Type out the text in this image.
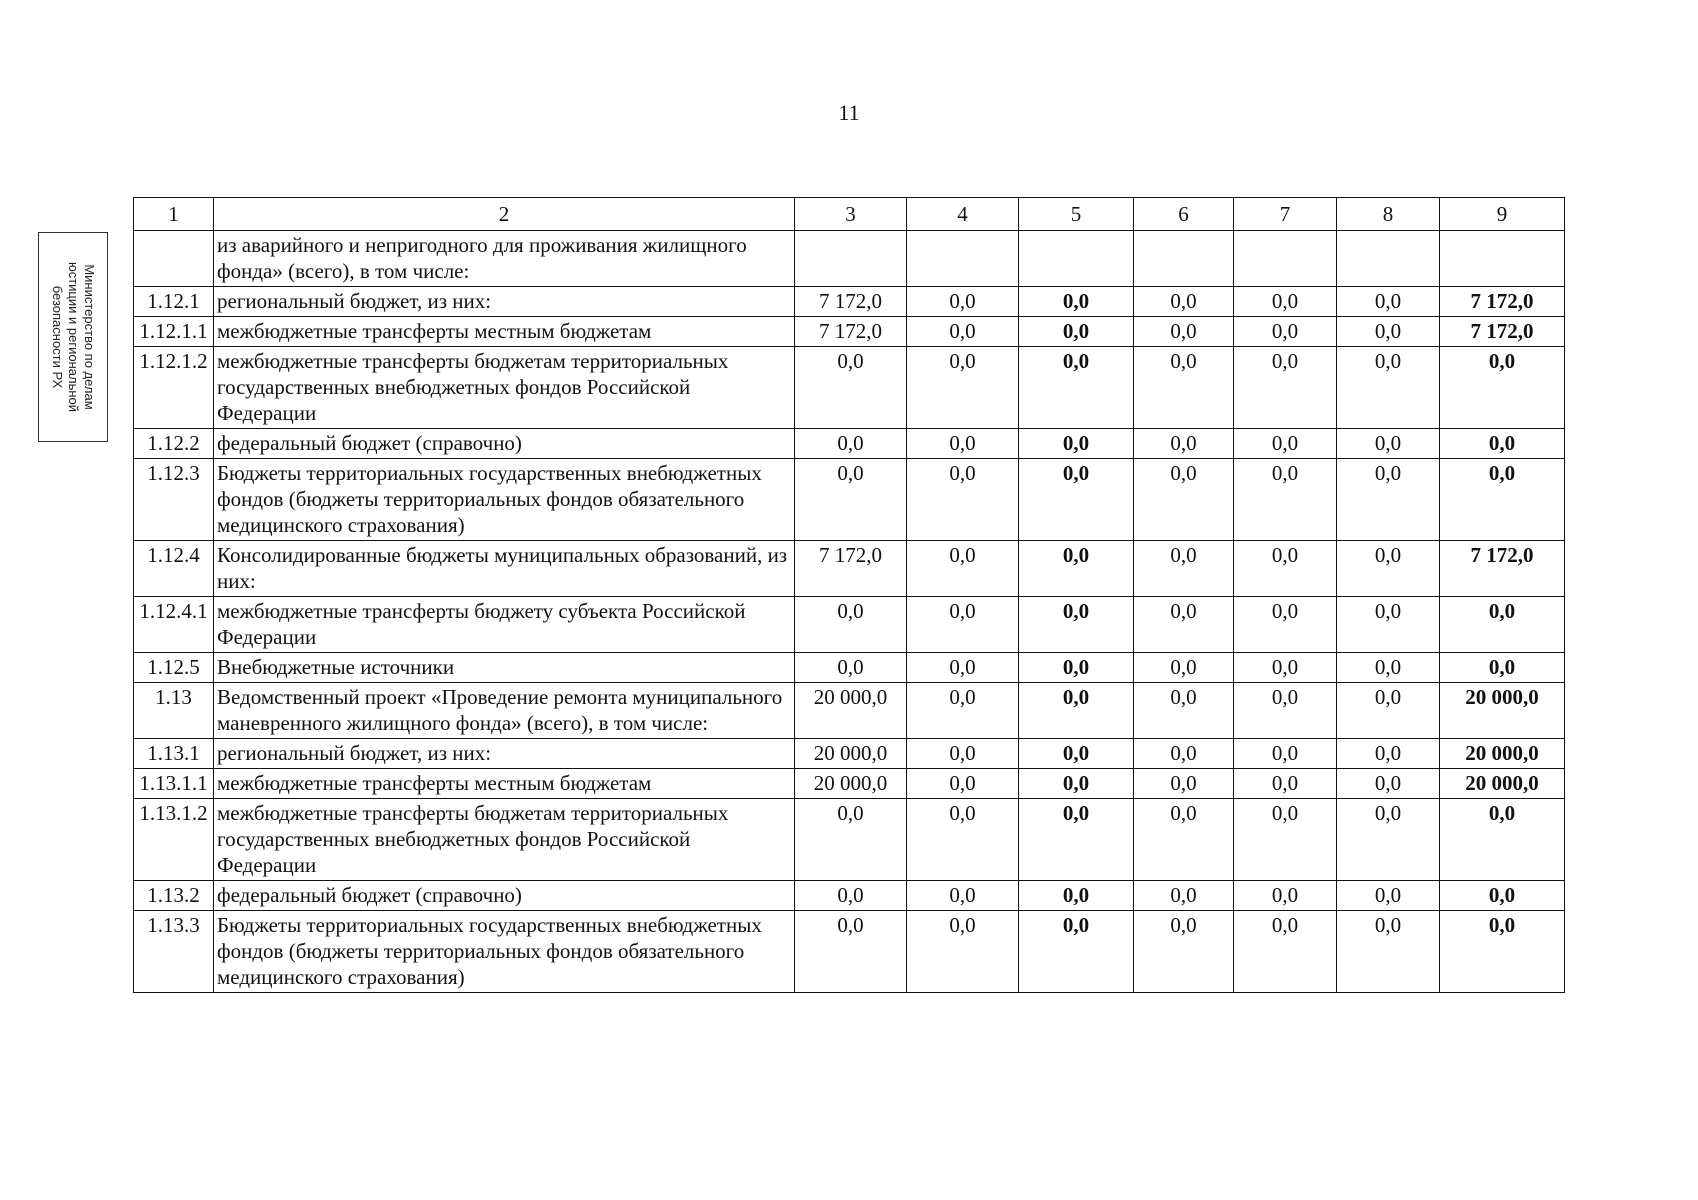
11
Министерство по делам
юстиции и региональной
безопасности РХ
1	2	3	4	5	6	7	8	9
	из аварийного и непригодного для проживания жилищного фонда» (всего), в том числе:							
1.12.1	региональный бюджет, из них:	7 172,0	0,0	0,0	0,0	0,0	0,0	7 172,0
1.12.1.1	межбюджетные трансферты местным бюджетам	7 172,0	0,0	0,0	0,0	0,0	0,0	7 172,0
1.12.1.2	межбюджетные трансферты бюджетам территориальных государственных внебюджетных фондов Российской Федерации	0,0	0,0	0,0	0,0	0,0	0,0	0,0
1.12.2	федеральный бюджет (справочно)	0,0	0,0	0,0	0,0	0,0	0,0	0,0
1.12.3	Бюджеты территориальных государственных внебюджетных фондов (бюджеты территориальных фондов обязательного медицинского страхования)	0,0	0,0	0,0	0,0	0,0	0,0	0,0
1.12.4	Консолидированные бюджеты муниципальных образований, из них:	7 172,0	0,0	0,0	0,0	0,0	0,0	7 172,0
1.12.4.1	межбюджетные трансферты бюджету субъекта Российской Федерации	0,0	0,0	0,0	0,0	0,0	0,0	0,0
1.12.5	Внебюджетные источники	0,0	0,0	0,0	0,0	0,0	0,0	0,0
1.13	Ведомственный проект «Проведение ремонта муниципального маневренного жилищного фонда» (всего), в том числе:	20 000,0	0,0	0,0	0,0	0,0	0,0	20 000,0
1.13.1	региональный бюджет, из них:	20 000,0	0,0	0,0	0,0	0,0	0,0	20 000,0
1.13.1.1	межбюджетные трансферты местным бюджетам	20 000,0	0,0	0,0	0,0	0,0	0,0	20 000,0
1.13.1.2	межбюджетные трансферты бюджетам территориальных государственных внебюджетных фондов Российской Федерации	0,0	0,0	0,0	0,0	0,0	0,0	0,0
1.13.2	федеральный бюджет (справочно)	0,0	0,0	0,0	0,0	0,0	0,0	0,0
1.13.3	Бюджеты территориальных государственных внебюджетных фондов (бюджеты территориальных фондов обязательного медицинского страхования)	0,0	0,0	0,0	0,0	0,0	0,0	0,0
